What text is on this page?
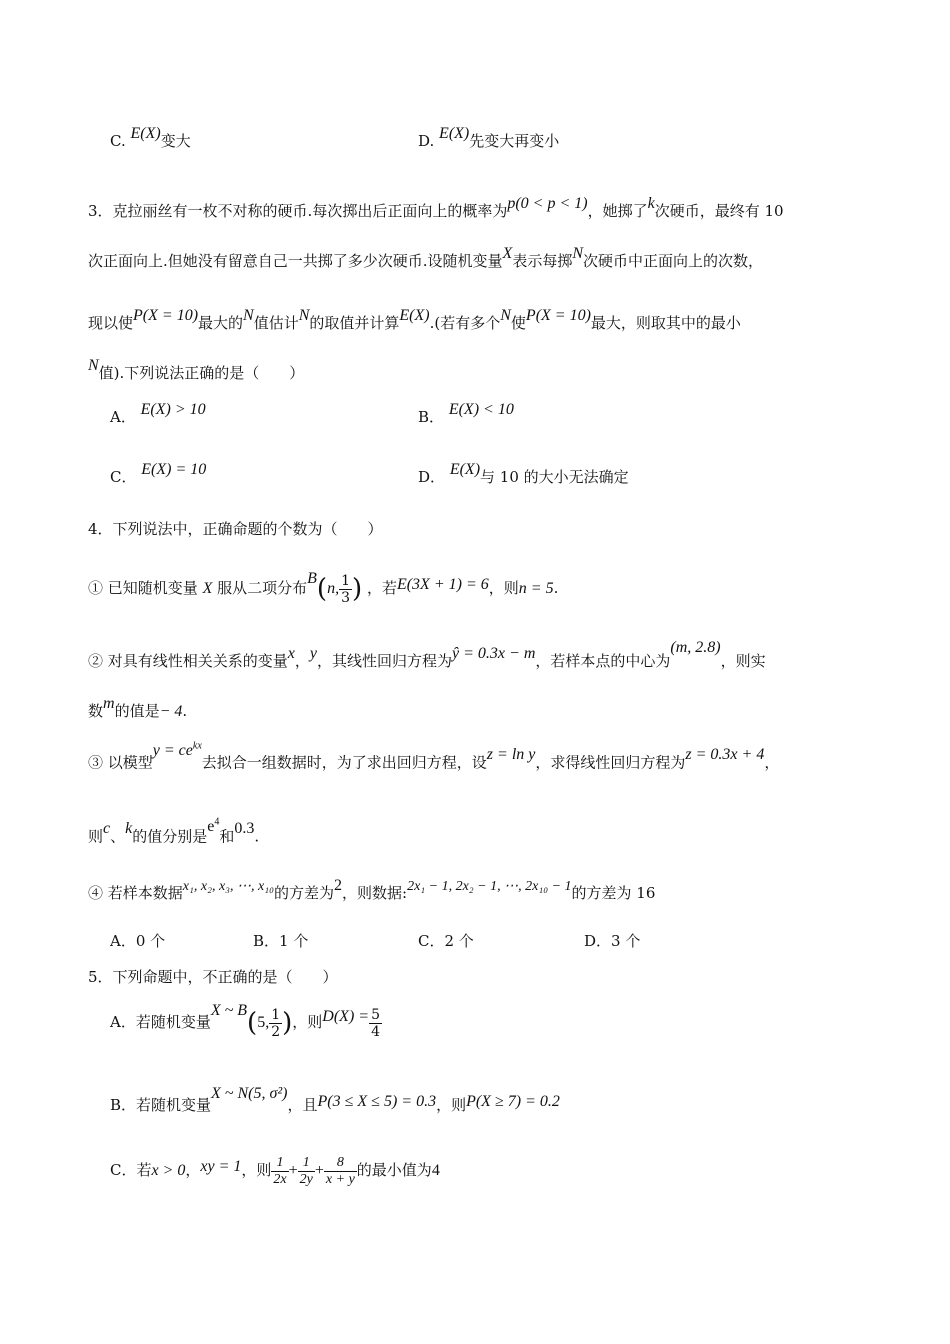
C. E(X)变大	D. E(X)先变大再变小
3．克拉丽丝有一枚不对称的硬币.每次掷出后正面向上的概率为p(0 < p < 1)，她掷了k次硬币，最终有 10
次正面向上.但她没有留意自己一共掷了多少次硬币.设随机变量X表示每掷N次硬币中正面向上的次数，
现以使P(X = 10)最大的N值估计N的取值并计算E(X).(若有多个N使P(X = 10)最大，则取其中的最小
N值).下列说法正确的是（　　）
A． E(X) > 10	B． E(X) < 10
C． E(X) = 10	D． E(X)与 10 的大小无法确定
4．下列说法中，正确命题的个数为（　　）
① 已知随机变量 X 服从二项分布B(n, $\frac{1}{3}$ ) ，若E(3X + 1) = 6，则n = 5.
② 对具有线性相关关系的变量x，y，其线性回归方程为ŷ = 0.3x − m，若样本点的中心为(m, 2.8)，则实
数m的值是− 4.
③ 以模型$y = ce^{kx}$去拟合一组数据时，为了求出回归方程，设z = ln y，求得线性回归方程为z = 0.3x + 4，
则c、k的值分别是$e^4$和0.3.
④ 若样本数据x₁, x₂, x₃, ⋯, x₁₀的方差为2，则数据:2x₁ − 1, 2x₂ − 1, ⋯, 2x₁₀ − 1的方差为 16
A．0 个	B．1 个	C．2 个	D．3 个
5．下列命题中，不正确的是（　　）
A．若随机变量X ~ B(5, $\frac{1}{2}$ )，则$D(X) = \frac{5}{4}$
B．若随机变量X ~ N(5, σ²)，且P(3 ≤ X ≤ 5) = 0.3，则P(X ≥ 7) = 0.2
C．若x > 0，xy = 1，则 $\frac{1}{2x} + \frac{1}{2y} + \frac{8}{x + y}$ 的最小值为4
